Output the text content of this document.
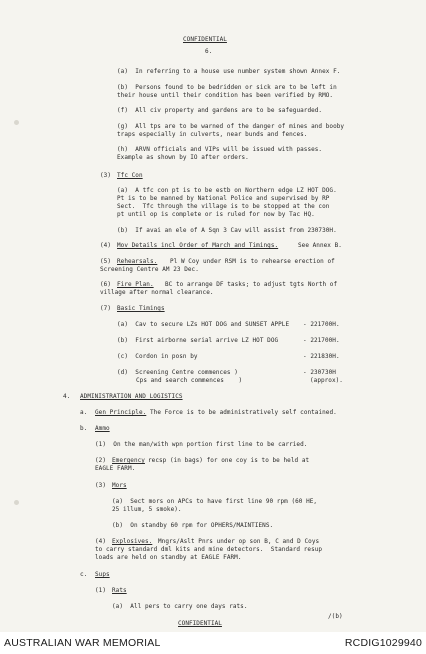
CONFIDENTIAL
6.
(a)  In referring to a house use number system shown Annex F.
(b)  Persons found to be bedridden or sick are to be left in
their house until their condition has been verified by RMO.
(f)  All civ property and gardens are to be safeguarded.
(g)  All tps are to be warned of the danger of mines and booby
traps especially in culverts, near bunds and fences.
(h)  ARVN officials and VIPs will be issued with passes.
Example as shown by IO after orders.
(3) Tfc Con
(a)  A tfc con pt is to be estb on Northern edge LZ HOT DOG.
Pt is to be manned by National Police and supervised by RP
Sect.  Tfc through the village is to be stopped at the con
pt until op is complete or is ruled for now by Tac HQ.
(b)  If avai an ele of A Sqn 3 Cav will assist from 230730H.
(4) Mov Details incl Order of March and Timings.	See Annex B.
(5) Rehearsals. Pl W Coy under RSM is to rehearse erection of
Screening Centre AM 23 Dec.
(6) Fire Plan. BC to arrange DF tasks; to adjust tgts North of
village after normal clearance.
(7) Basic Timings
(a)  Cav to secure LZs HOT DOG and SUNSET APPLE - 221700H.
(b)  First airborne serial arrive LZ HOT DOG	- 221700H.
(c)  Cordon in posn by	- 221830H.
(d)  Screening Centre commences )
Cps and search commences    )
- 230730H
(approx).
4. ADMINISTRATION AND LOGISTICS
a. Gen Principle. The Force is to be administratively self contained.
b. Ammo
(1)  On the man/with wpn portion first line to be carried.
(2) Emergency recsp (in bags) for one coy is to be held at
EAGLE FARM.
(3) Mors
(a)  Sect mors on APCs to have first line 90 rpm (60 HE,
25 illum, 5 smoke).
(b)  On standby 60 rpm for OPHERS/MAINTIENS.
(4) Explosives. Mngrs/Aslt Pnrs under op son B, C and D Coys
to carry standard dml kits and mine detectors.  Standard resup
loads are held on standby at EAGLE FARM.
c. Sups
(1) Rats
(a)  All pers to carry one days rats.
/(b)
CONFIDENTIAL
AUSTRALIAN WAR MEMORIAL	RCDIG1029940
